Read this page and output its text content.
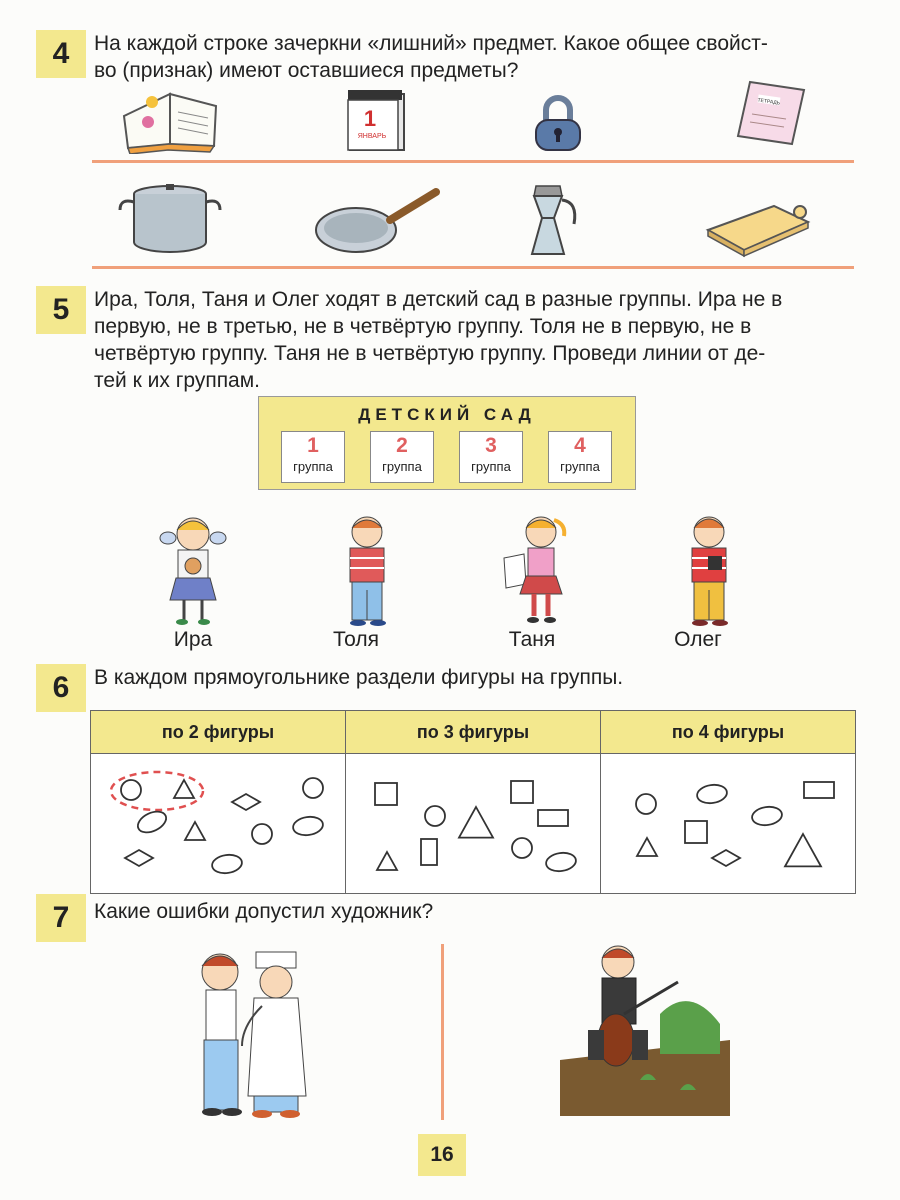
4	На каждой строке зачеркни «лишний» предмет. Какое общее свойст-
во (признак) имеют оставшиеся предметы?
1
ЯНВАРЬ
ТЕТРАДЬ
5	Ира, Толя, Таня и Олег ходят в детский сад в разные группы. Ира не в
первую, не в третью, не в четвёртую группу. Толя не в первую, не в
четвёртую группу. Таня не в четвёртую группу. Проведи линии от де-
тей к их группам.
ДЕТСКИЙ САД
1
группа
2
группа
3
группа
4
группа
Ира	Толя	Таня	Олег
6	В каждом прямоугольнике раздели фигуры на группы.
по 2 фигуры	по 3 фигуры	по 4 фигуры

7	Какие ошибки допустил художник?
16
